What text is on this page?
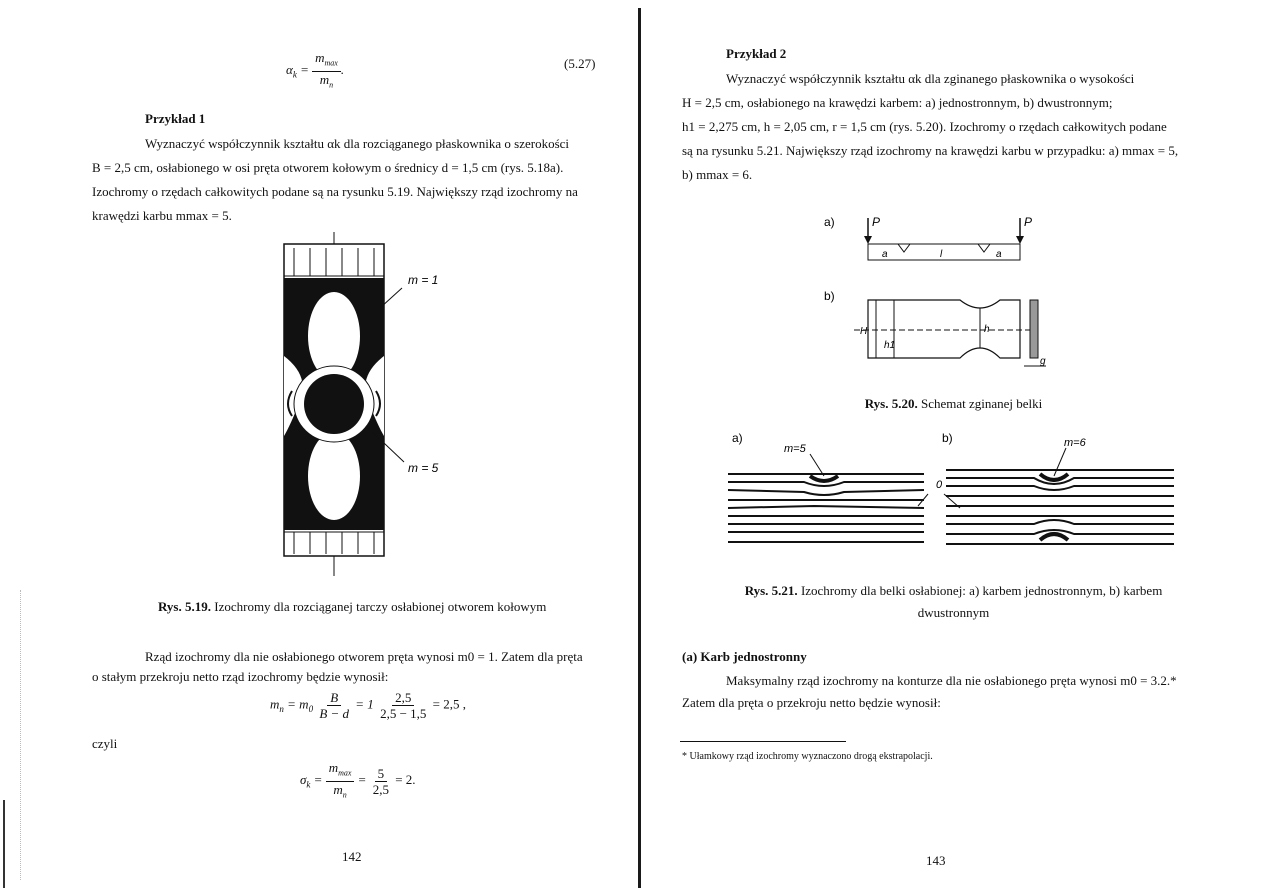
$\alpha_k = \frac{m_{max}}{m_n}$ .	(5.27)
Przykład 1
Wyznaczyć współczynnik kształtu αk dla rozciąganego płaskownika o szerokości
B = 2,5 cm, osłabionego w osi pręta otworem kołowym o średnicy d = 1,5 cm (rys. 5.18a).
Izochromy o rzędach całkowitych podane są na rysunku 5.19. Największy rząd izochromy na
krawędzi karbu mmax = 5.
m = 1
m = 5
Rys. 5.19. Izochromy dla rozciąganej tarczy osłabionej otworem kołowym
Rząd izochromy dla nie osłabionego otworem pręta wynosi m0 = 1. Zatem dla pręta
o stałym przekroju netto rząd izochromy będzie wynosił:
$m_n = m_0 \frac{B}{B - d} = 1 \frac{2,5}{2,5 - 1,5} = 2,5$ ,
czyli
$\sigma_k = \frac{m_{max}}{m_n} = \frac{5}{2,5} = 2$.
142
Przykład 2
Wyznaczyć współczynnik kształtu αk dla zginanego płaskownika o wysokości
H = 2,5 cm, osłabionego na krawędzi karbem: a) jednostronnym, b) dwustronnym;
h1 = 2,275 cm, h = 2,05 cm, r = 1,5 cm (rys. 5.20). Izochromy o rzędach całkowitych podane
są na rysunku 5.21. Największy rząd izochromy na krawędzi karbu w przypadku: a) mmax = 5,
b) mmax = 6.
a)	P	P
a	l	a
b)
H
h1
h
g
Rys. 5.20. Schemat zginanej belki
a)	b)
m=5	m=6
0
Rys. 5.21. Izochromy dla belki osłabionej: a) karbem jednostronnym, b) karbem
dwustronnym
(a) Karb jednostronny
Maksymalny rząd izochromy na konturze dla nie osłabionego pręta wynosi m0 = 3.2.*
Zatem dla pręta o przekroju netto będzie wynosił:
* Ułamkowy rząd izochromy wyznaczono drogą ekstrapolacji.
143
